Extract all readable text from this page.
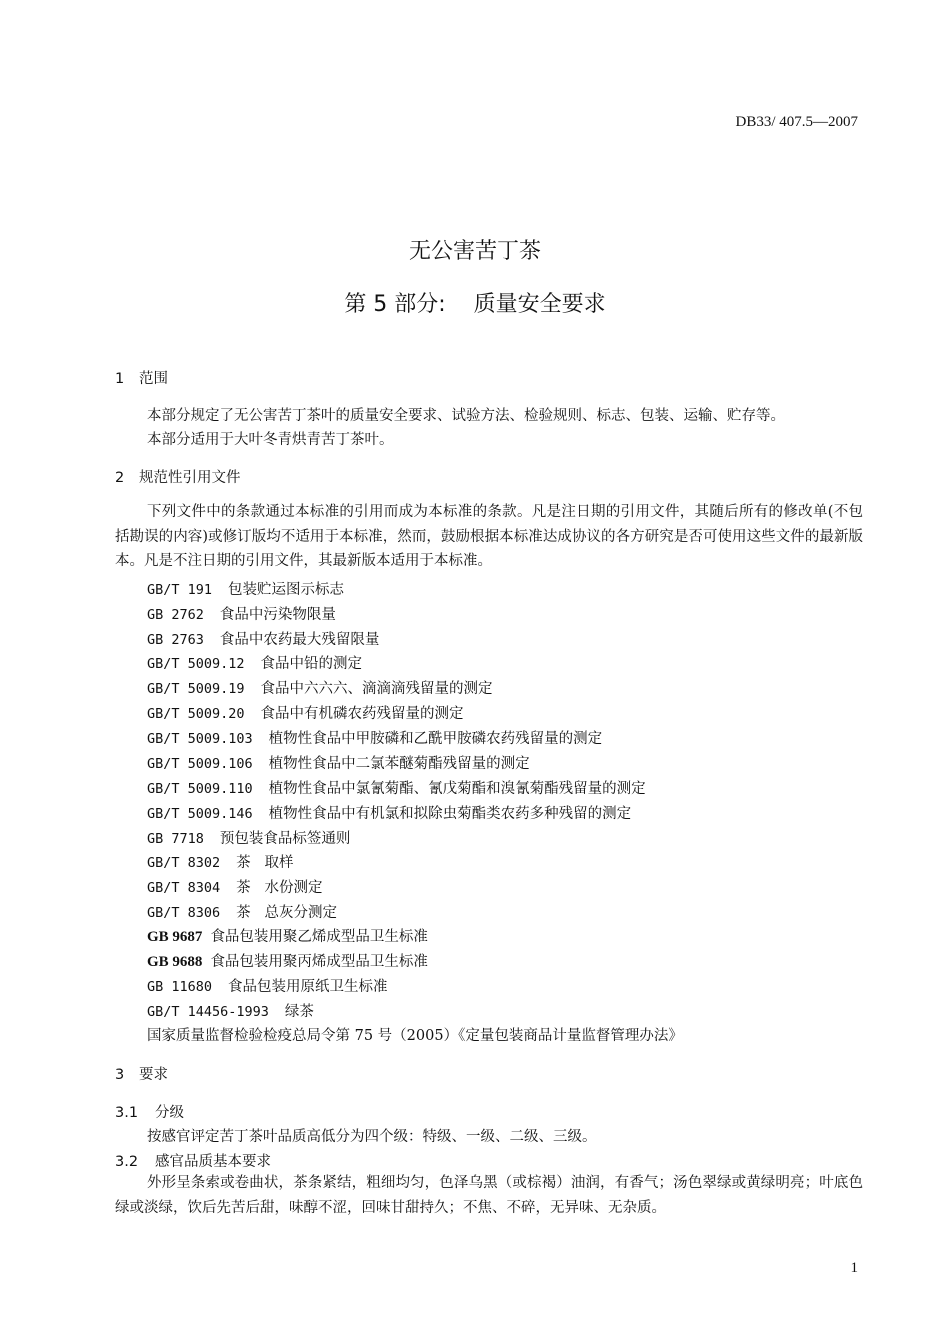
DB33/ 407.5—2007
无公害苦丁茶
第 5 部分:    质量安全要求
1 范围
本部分规定了无公害苦丁茶叶的质量安全要求、试验方法、检验规则、标志、包装、运输、贮存等。
本部分适用于大叶冬青烘青苦丁茶叶。
2 规范性引用文件
下列文件中的条款通过本标准的引用而成为本标准的条款。凡是注日期的引用文件，其随后所有的修改单(不包括勘误的内容)或修订版均不适用于本标准，然而，鼓励根据本标准达成协议的各方研究是否可使用这些文件的最新版本。凡是不注日期的引用文件，其最新版本适用于本标准。
GB/T 191 包装贮运图示标志
GB 2762 食品中污染物限量
GB 2763 食品中农药最大残留限量
GB/T 5009.12 食品中铅的测定
GB/T 5009.19 食品中六六六、滴滴滴残留量的测定
GB/T 5009.20 食品中有机磷农药残留量的测定
GB/T 5009.103 植物性食品中甲胺磷和乙酰甲胺磷农药残留量的测定
GB/T 5009.106 植物性食品中二氯苯醚菊酯残留量的测定
GB/T 5009.110 植物性食品中氯氰菊酯、氰戊菊酯和溴氰菊酯残留量的测定
GB/T 5009.146 植物性食品中有机氯和拟除虫菊酯类农药多种残留的测定
GB 7718 预包装食品标签通则
GB/T 8302 茶   取样
GB/T 8304 茶   水份测定
GB/T 8306 茶   总灰分测定
GB 9687 食品包装用聚乙烯成型品卫生标准
GB 9688 食品包装用聚丙烯成型品卫生标准
GB 11680 食品包装用原纸卫生标准
GB/T 14456-1993 绿茶
国家质量监督检验检疫总局令第 75 号（2005）《定量包装商品计量监督管理办法》
3 要求
3.1 分级
按感官评定苦丁茶叶品质高低分为四个级：特级、一级、二级、三级。
3.2 感官品质基本要求
外形呈条索或卷曲状，茶条紧结，粗细均匀，色泽乌黑（或棕褐）油润，有香气；汤色翠绿或黄绿明亮；叶底色绿或淡绿，饮后先苦后甜，味醇不涩，回味甘甜持久；不焦、不碎，无异味、无杂质。
1
